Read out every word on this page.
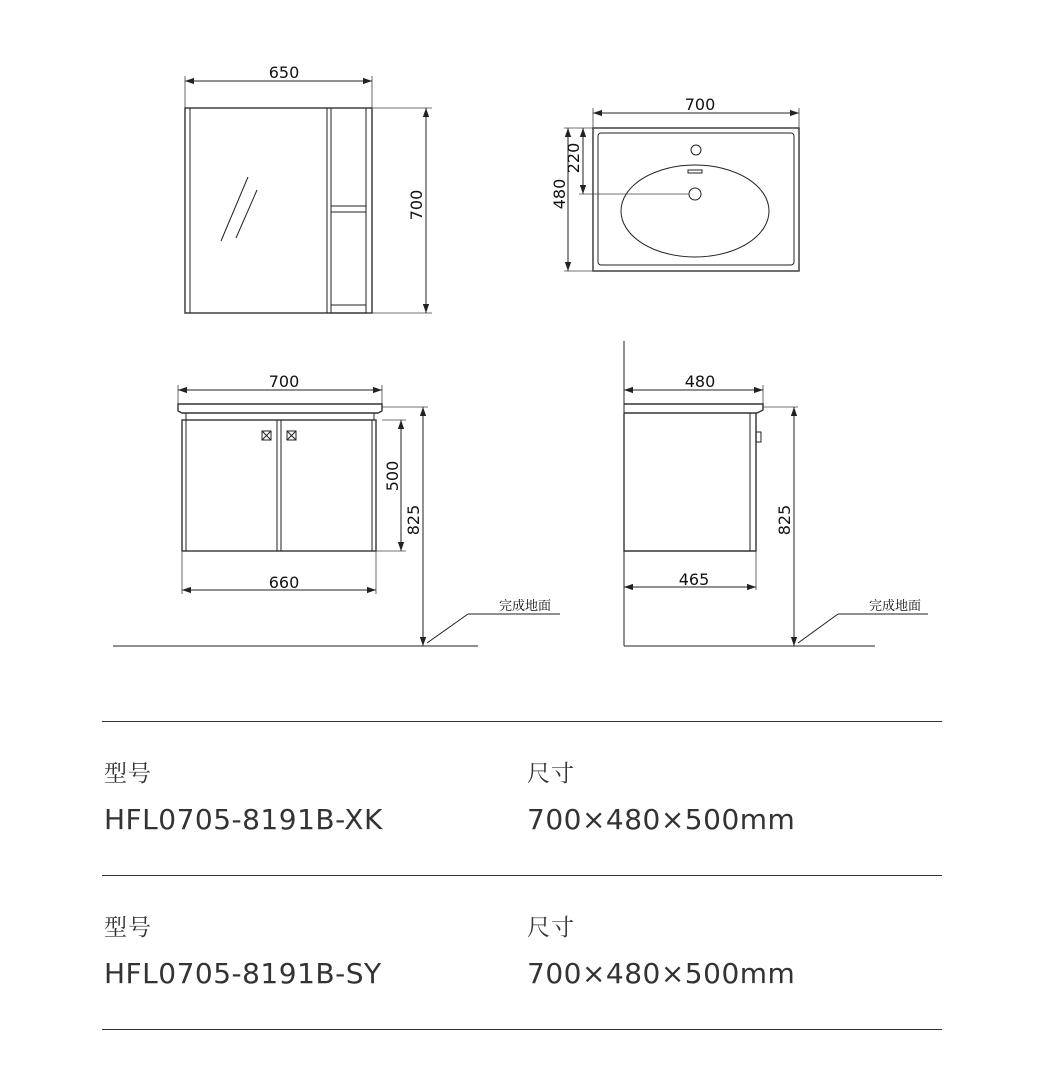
650
700
700
480
220
700
500
825
660
完成地面
480
825
465
完成地面
型号
HFL0705-8191B-XK
尺寸
700×480×500mm
型号
HFL0705-8191B-SY
尺寸
700×480×500mm
